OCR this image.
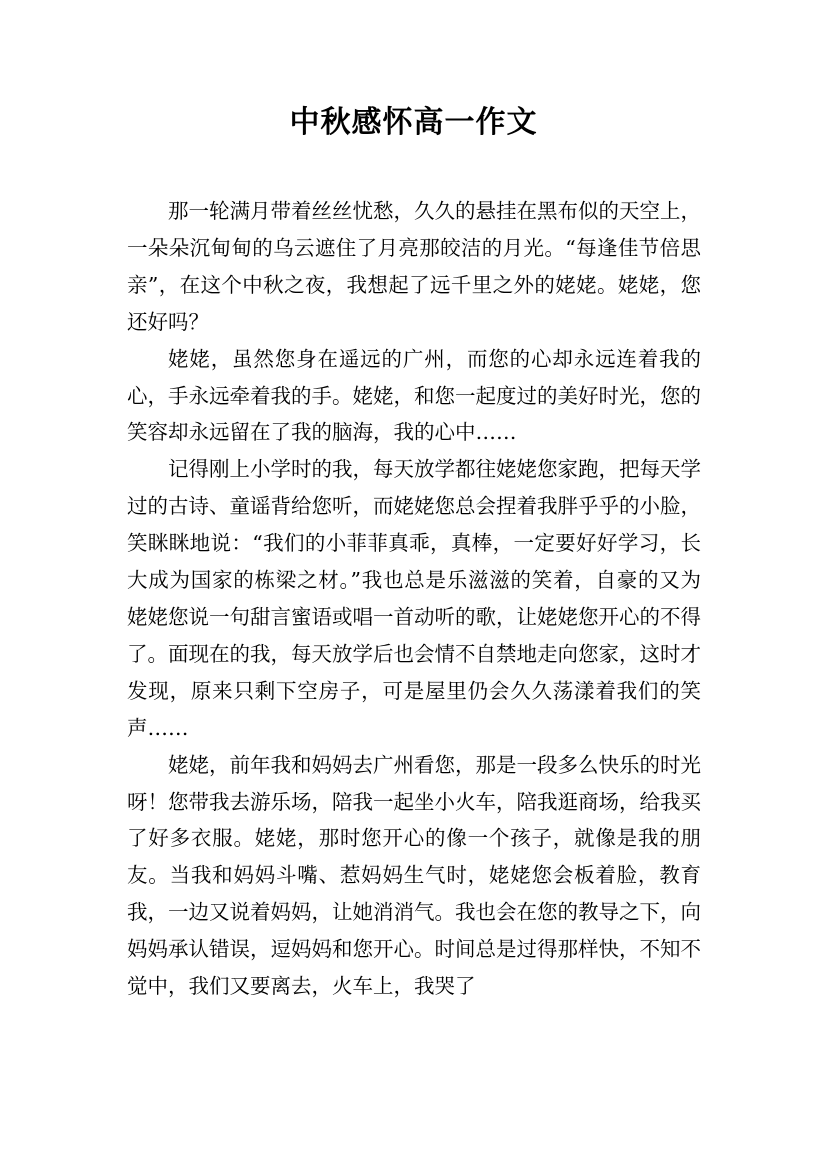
中秋感怀高一作文

那一轮满月带着丝丝忧愁，久久的悬挂在黑布似的天空上，一朵朵沉甸甸的乌云遮住了月亮那皎洁的月光。“每逢佳节倍思亲”，在这个中秋之夜，我想起了远千里之外的姥姥。姥姥，您还好吗？

姥姥，虽然您身在遥远的广州，而您的心却永远连着我的心，手永远牵着我的手。姥姥，和您一起度过的美好时光，您的笑容却永远留在了我的脑海，我的心中……

记得刚上小学时的我，每天放学都往姥姥您家跑，把每天学过的古诗、童谣背给您听，而姥姥您总会捏着我胖乎乎的小脸，笑眯眯地说：“我们的小菲菲真乖，真棒，一定要好好学习，长大成为国家的栋梁之材。”我也总是乐滋滋的笑着，自豪的又为姥姥您说一句甜言蜜语或唱一首动听的歌，让姥姥您开心的不得了。面现在的我，每天放学后也会情不自禁地走向您家，这时才发现，原来只剩下空房子，可是屋里仍会久久荡漾着我们的笑声……

姥姥，前年我和妈妈去广州看您，那是一段多么快乐的时光呀！您带我去游乐场，陪我一起坐小火车，陪我逛商场，给我买了好多衣服。姥姥，那时您开心的像一个孩子，就像是我的朋友。当我和妈妈斗嘴、惹妈妈生气时，姥姥您会板着脸，教育我，一边又说着妈妈，让她消消气。我也会在您的教导之下，向妈妈承认错误，逗妈妈和您开心。时间总是过得那样快，不知不觉中，我们又要离去，火车上，我哭了
